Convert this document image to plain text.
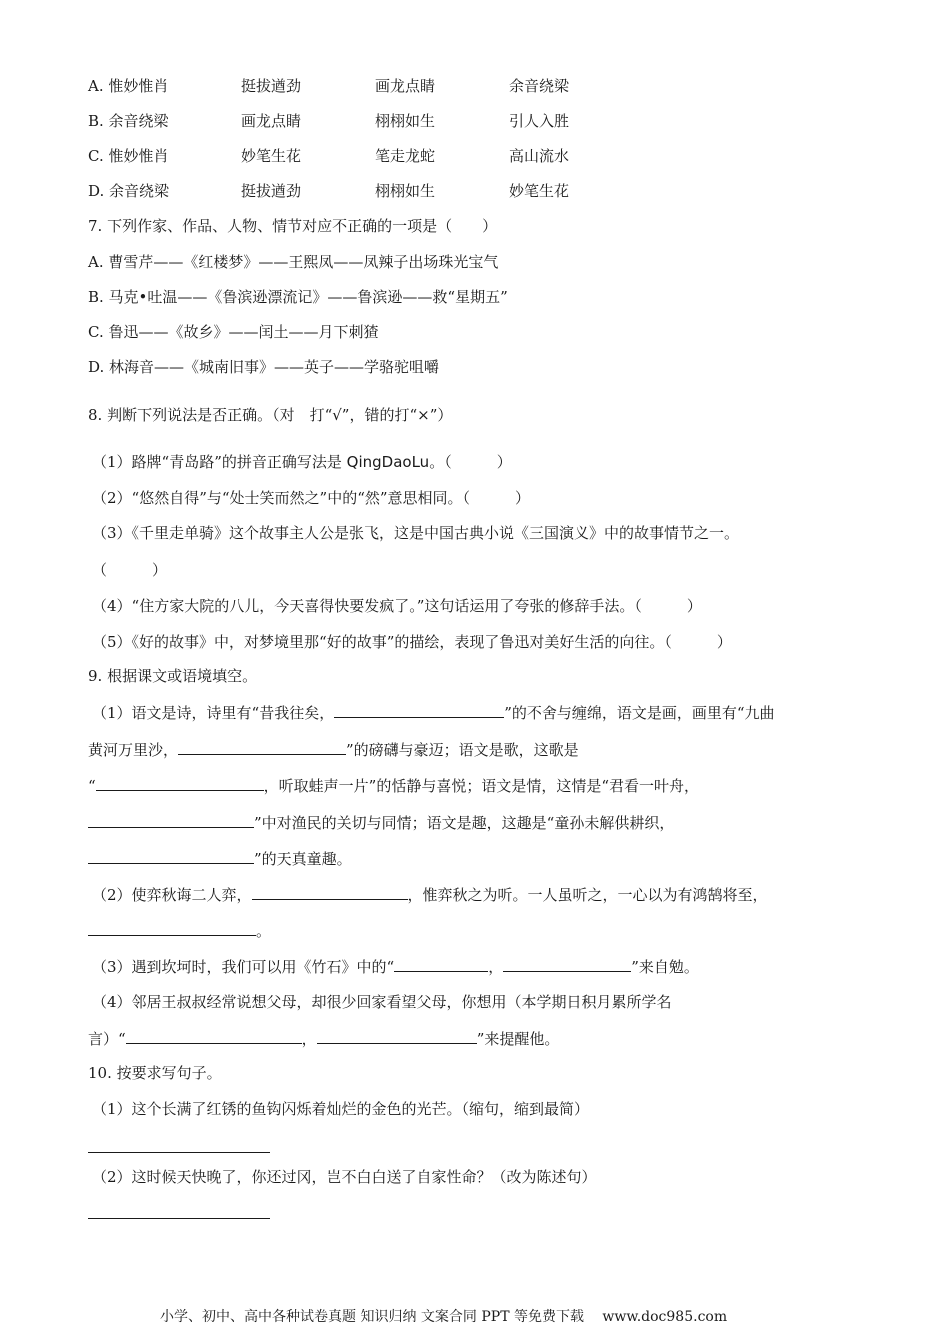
A. 惟妙惟肖	挺拔遒劲	画龙点睛	余音绕梁
B. 余音绕梁	画龙点睛	栩栩如生	引人入胜
C. 惟妙惟肖	妙笔生花	笔走龙蛇	高山流水
D. 余音绕梁	挺拔遒劲	栩栩如生	妙笔生花
7. 下列作家、作品、人物、情节对应不正确的一项是（　　）
A. 曹雪芹——《红楼梦》——王熙凤——凤辣子出场珠光宝气
B. 马克•吐温——《鲁滨逊漂流记》——鲁滨逊——救“星期五”
C. 鲁迅——《故乡》——闰土——月下刺猹
D. 林海音——《城南旧事》——英子——学骆驼咀嚼
8. 判断下列说法是否正确。（对　打“√”，错的打“×”）
（1）路牌“青岛路”的拼音正确写法是 QingDaoLu。（　　　）
（2）“悠然自得”与“处士笑而然之”中的“然”意思相同。（　　　）
（3）《千里走单骑》这个故事主人公是张飞，这是中国古典小说《三国演义》中的故事情节之一。
（　　　）
（4）“住方家大院的八儿，今天喜得快要发疯了。”这句话运用了夸张的修辞手法。（　　　）
（5）《好的故事》中，对梦境里那“好的故事”的描绘，表现了鲁迅对美好生活的向往。（　　　）
9. 根据课文或语境填空。
（1）语文是诗，诗里有“昔我往矣，	”的不舍与缠绵，语文是画，画里有“九曲
黄河万里沙，	”的磅礴与豪迈；语文是歌，这歌是
“	，听取蛙声一片”的恬静与喜悦；语文是情，这情是“君看一叶舟，
”中对渔民的关切与同情；语文是趣，这趣是“童孙未解供耕织，
”的天真童趣。
（2）使弈秋诲二人弈，	，惟弈秋之为听。一人虽听之，一心以为有鸿鹄将至，
。
（3）遇到坎坷时，我们可以用《竹石》中的“	，	”来自勉。
（4）邻居王叔叔经常说想父母，却很少回家看望父母，你想用（本学期日积月累所学名
言）“	，	”来提醒他。
10. 按要求写句子。
（1）这个长满了红锈的鱼钩闪烁着灿烂的金色的光芒。（缩句，缩到最简）
（2）这时候天快晚了，你还过冈，岂不白白送了自家性命？（改为陈述句）
小学、初中、高中各种试卷真题 知识归纳 文案合同 PPT 等免费下载　 www.doc985.com
